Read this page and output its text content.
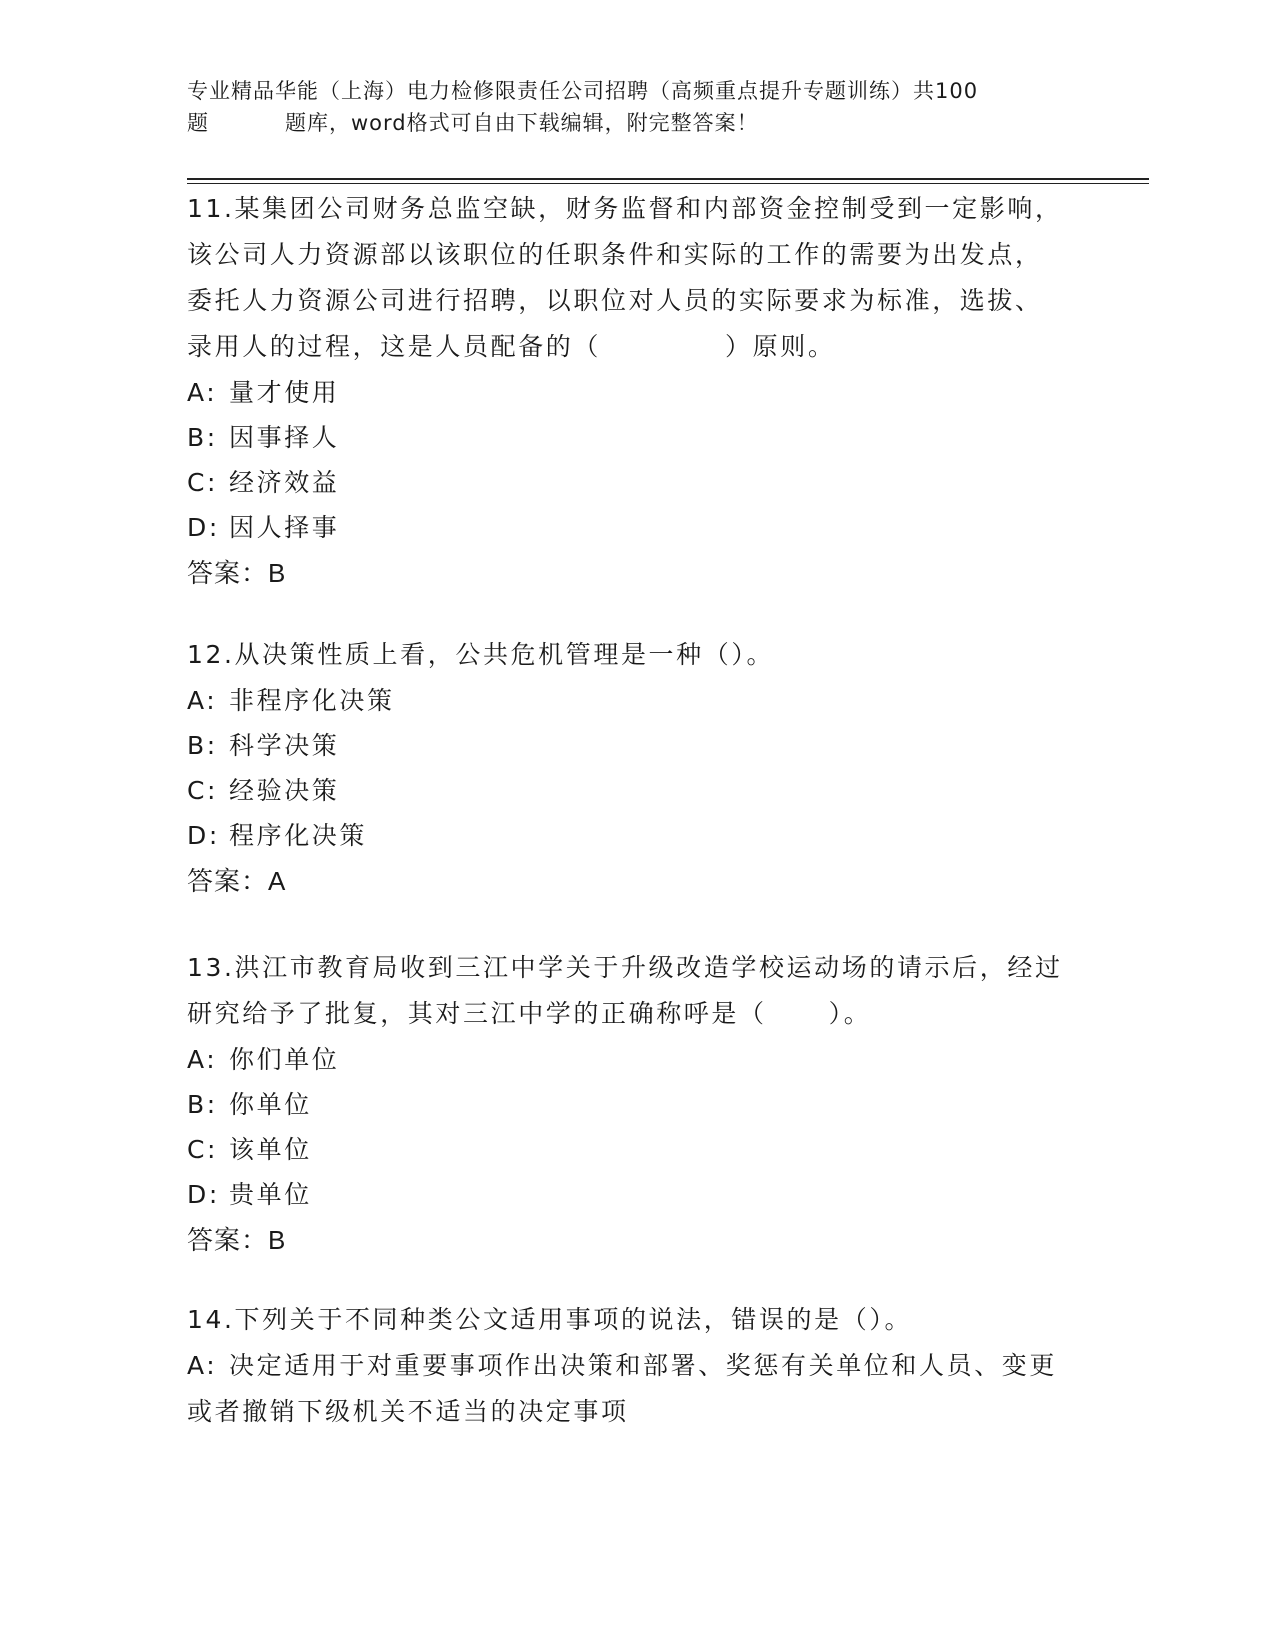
专业精品华能（上海）电力检修限责任公司招聘（高频重点提升专题训练）共100
题	题库，word格式可自由下载编辑，附完整答案！
11.某集团公司财务总监空缺，财务监督和内部资金控制受到一定影响，该公司人力资源部以该职位的任职条件和实际的工作的需要为出发点，委托人力资源公司进行招聘，以职位对人员的实际要求为标准，选拔、录用人的过程，这是人员配备的（	）原则。
A: 量才使用
B: 因事择人
C: 经济效益
D: 因人择事
答案：B
12.从决策性质上看，公共危机管理是一种（）。
A: 非程序化决策
B: 科学决策
C: 经验决策
D: 程序化决策
答案：A
13.洪江市教育局收到三江中学关于升级改造学校运动场的请示后，经过研究给予了批复，其对三江中学的正确称呼是（ ）。
A: 你们单位
B: 你单位
C: 该单位
D: 贵单位
答案：B
14.下列关于不同种类公文适用事项的说法，错误的是（）。
A: 决定适用于对重要事项作出决策和部署、奖惩有关单位和人员、变更或者撤销下级机关不适当的决定事项
